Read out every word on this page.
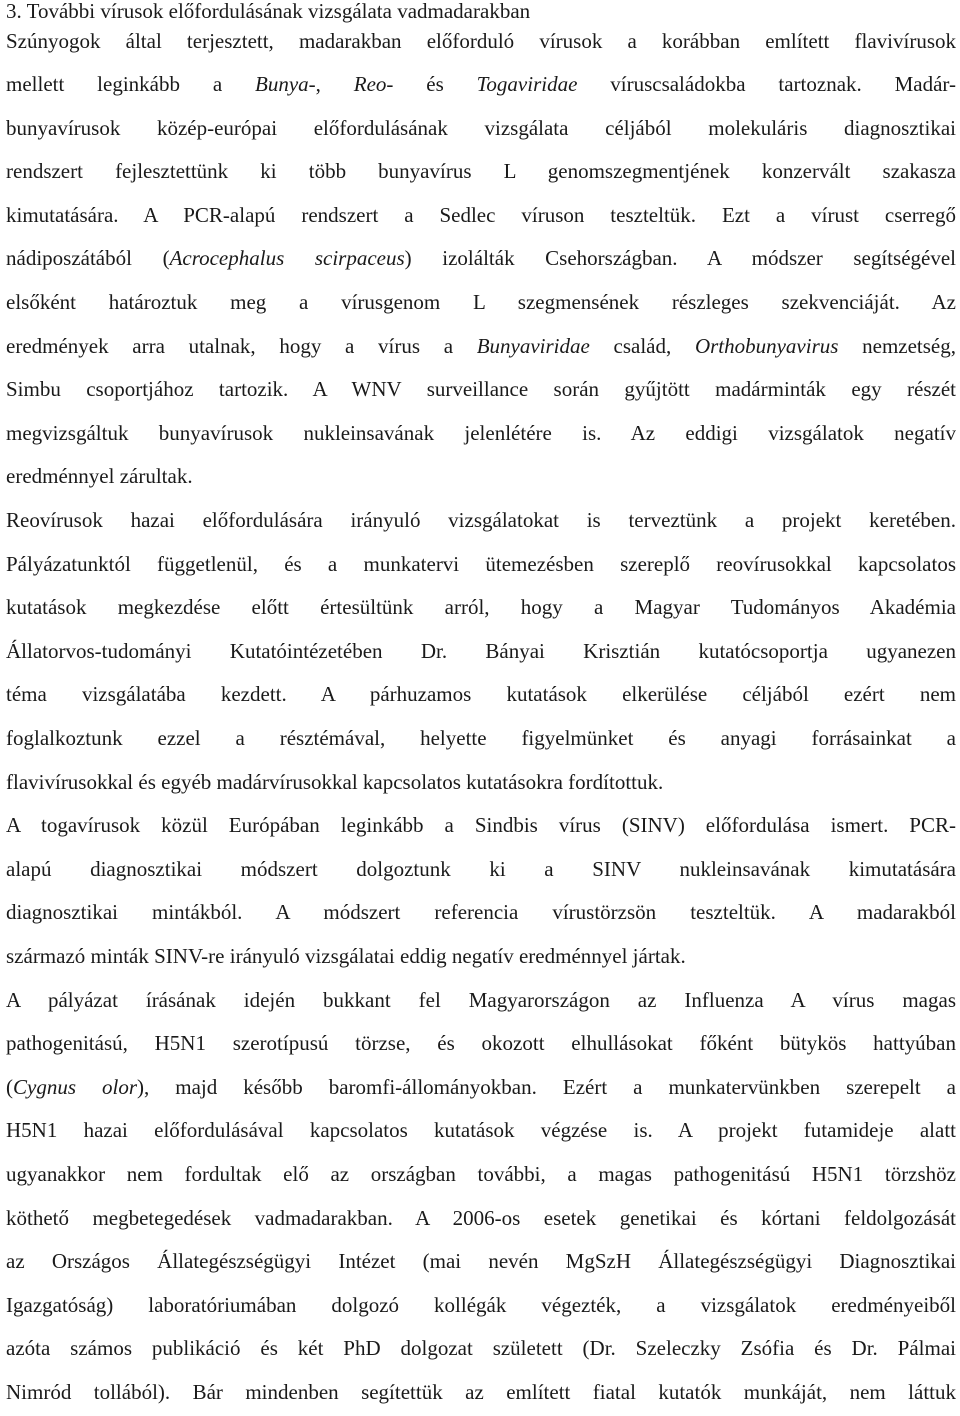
3. További vírusok előfordulásának vizsgálata vadmadarakban
Szúnyogok által terjesztett, madarakban előforduló vírusok a korábban említett flavivírusok
mellett leginkább a Bunya-, Reo- és Togaviridae víruscsaládokba tartoznak. Madár-
bunyavírusok közép-európai előfordulásának vizsgálata céljából molekuláris diagnosztikai
rendszert fejlesztettünk ki több bunyavírus L genomszegmentjének konzervált szakasza
kimutatására. A PCR-alapú rendszert a Sedlec víruson teszteltük. Ezt a vírust cserregő
nádiposzátából (Acrocephalus scirpaceus) izolálták Csehországban. A módszer segítségével
elsőként határoztuk meg a vírusgenom L szegmensének részleges szekvenciáját. Az
eredmények arra utalnak, hogy a vírus a Bunyaviridae család, Orthobunyavirus nemzetség,
Simbu csoportjához tartozik. A WNV surveillance során gyűjtött madárminták egy részét
megvizsgáltuk bunyavírusok nukleinsavának jelenlétére is. Az eddigi vizsgálatok negatív
eredménnyel zárultak.
Reovírusok hazai előfordulására irányuló vizsgálatokat is terveztünk a projekt keretében.
Pályázatunktól függetlenül, és a munkatervi ütemezésben szereplő reovírusokkal kapcsolatos
kutatások megkezdése előtt értesültünk arról, hogy a Magyar Tudományos Akadémia
Állatorvos-tudományi Kutatóintézetében Dr. Bányai Krisztián kutatócsoportja ugyanezen
téma vizsgálatába kezdett. A párhuzamos kutatások elkerülése céljából ezért nem
foglalkoztunk ezzel a résztémával, helyette figyelmünket és anyagi forrásainkat a
flavivírusokkal és egyéb madárvírusokkal kapcsolatos kutatásokra fordítottuk.
A togavírusok közül Európában leginkább a Sindbis vírus (SINV) előfordulása ismert. PCR-
alapú diagnosztikai módszert dolgoztunk ki a SINV nukleinsavának kimutatására
diagnosztikai mintákból. A módszert referencia vírustörzsön teszteltük. A madarakból
származó minták SINV-re irányuló vizsgálatai eddig negatív eredménnyel jártak.
A pályázat írásának idején bukkant fel Magyarországon az Influenza A vírus magas
pathogenitású, H5N1 szerotípusú törzse, és okozott elhullásokat főként bütykös hattyúban
(Cygnus olor), majd később baromfi-állományokban. Ezért a munkatervünkben szerepelt a
H5N1 hazai előfordulásával kapcsolatos kutatások végzése is. A projekt futamideje alatt
ugyanakkor nem fordultak elő az országban további, a magas pathogenitású H5N1 törzshöz
köthető megbetegedések vadmadarakban. A 2006-os esetek genetikai és kórtani feldolgozását
az Országos Állategészségügyi Intézet (mai nevén MgSzH Állategészségügyi Diagnosztikai
Igazgatóság) laboratóriumában dolgozó kollégák végezték, a vizsgálatok eredményeiből
azóta számos publikáció és két PhD dolgozat született (Dr. Szeleczky Zsófia és Dr. Pálmai
Nimród tollából). Bár mindenben segítettük az említett fiatal kutatók munkáját, nem láttuk
